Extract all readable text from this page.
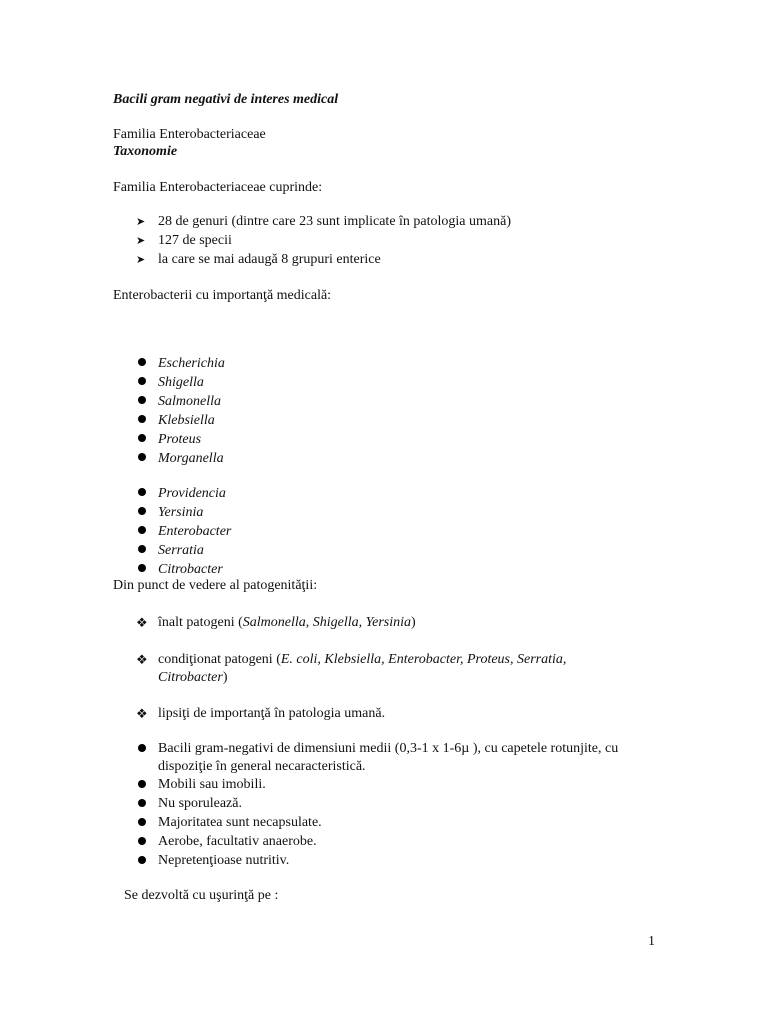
Bacili gram negativi de interes medical
Familia Enterobacteriaceae
Taxonomie
Familia Enterobacteriaceae cuprinde:
➤ 28 de genuri (dintre care 23 sunt implicate în patologia umană)
➤ 127 de specii
➤ la care se mai adaugă 8 grupuri enterice
Enterobacterii cu importanţă medicală:
Escherichia
Shigella
Salmonella
Klebsiella
Proteus
Morganella
Providencia
Yersinia
Enterobacter
Serratia
Citrobacter
Din punct de vedere al patogenităţii:
❖ înalt patogeni (Salmonella, Shigella, Yersinia)
❖ condiţionat patogeni (E. coli, Klebsiella, Enterobacter, Proteus, Serratia, Citrobacter)
❖ lipsiţi de importanţă în patologia umană.
Bacili gram-negativi de dimensiuni medii (0,3-1 x 1-6µ ), cu capetele rotunjite, cu dispoziţie în general necaracteristică.
Mobili sau imobili.
Nu sporulează.
Majoritatea sunt necapsulate.
Aerobe, facultativ anaerobe.
Nepretenţioase nutritiv.
Se dezvoltă cu uşurinţă pe :
1
